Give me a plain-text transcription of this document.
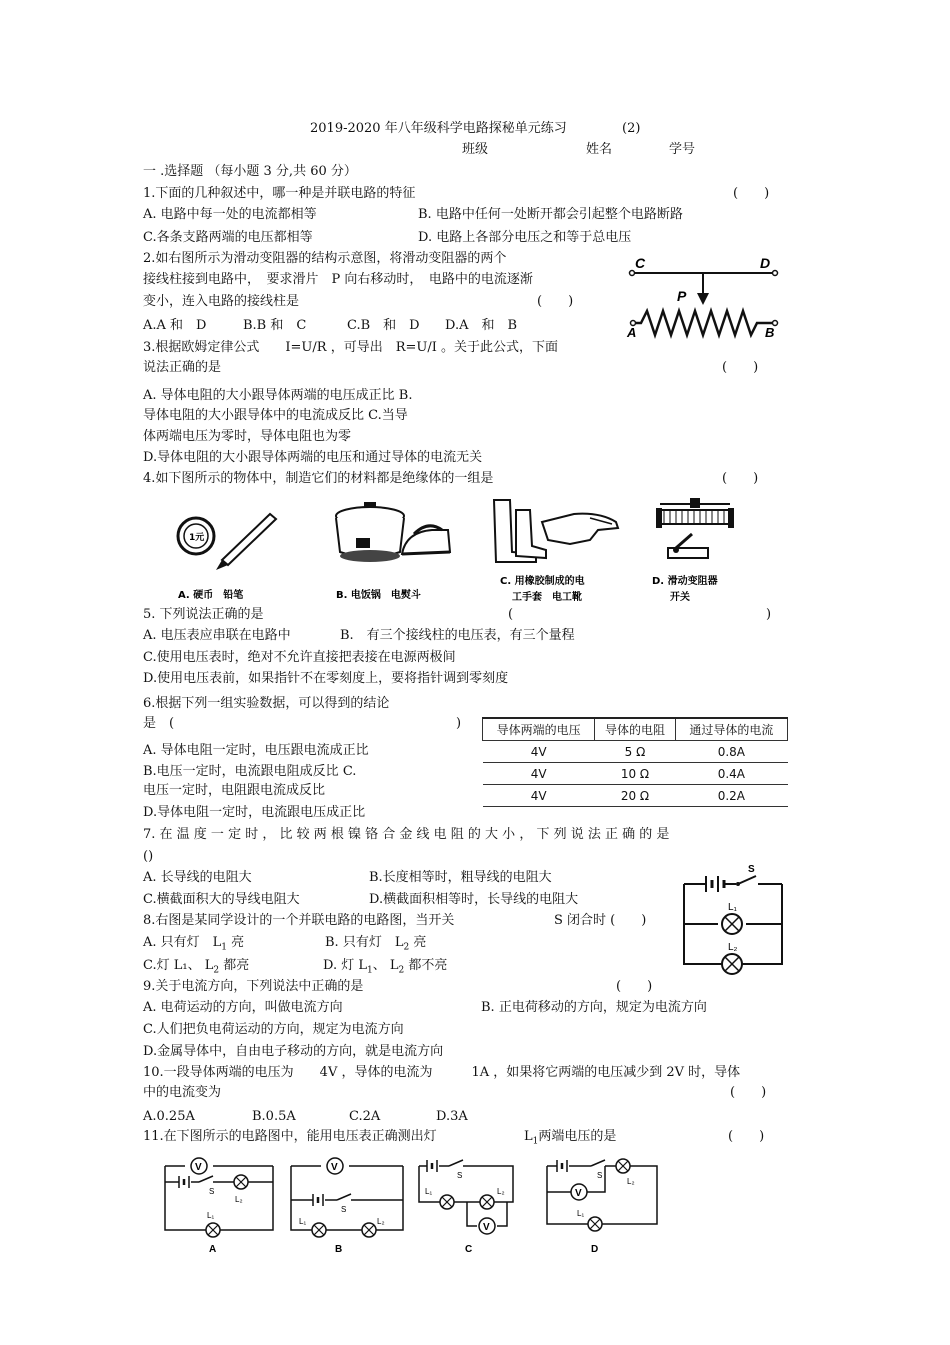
2019-2020 年八年级科学电路探秘单元练习	(2)
班级	姓名	学号
一 .选择题 （每小题 3 分,共 60 分）
1.下面的几种叙述中，哪一种是并联电路的特征	(　　)
A. 电路中每一处的电流都相等	B. 电路中任何一处断开都会引起整个电路断路
C.各条支路两端的电压都相等	D. 电路上各部分电压之和等于总电压
2.如右图所示为滑动变阻器的结构示意图，将滑动变阻器的两个
接线柱接到电路中，　要求滑片　P 向右移动时，　电路中的电流逐渐
变小，连入电路的接线柱是	(　　)
A.A 和　D	B.B 和　C	C.B　和　D D.A　和　B
C	D
P
A	B
3.根据欧姆定律公式　　I=U/R ，可导出　R=U/I 。关于此公式，下面
说法正确的是	(　　)
A. 导体电阻的大小跟导体两端的电压成正比 B.
导体电阻的大小跟导体中的电流成反比 C.当导
体两端电压为零时，导体电阻也为零
D.导体电阻的大小跟导体两端的电压和通过导体的电流无关
4.如下图所示的物体中，制造它们的材料都是绝缘体的一组是	(　　)
1元
A. 硬币　铅笔	B. 电饭锅　电熨斗
C. 用橡胶制成的电
工手套　电工靴
D. 滑动变阻器
开关
5. 下列说法正确的是	(	)
A. 电压表应串联在电路中	B.　有三个接线柱的电压表，有三个量程
C.使用电压表时，绝对不允许直接把表接在电源两极间
D.使用电压表前，如果指针不在零刻度上，要将指针调到零刻度
6.根据下列一组实验数据，可以得到的结论
是　(	)
A. 导体电阻一定时，电压跟电流成正比
B.电压一定时，电流跟电阻成反比 C.
电压一定时，电阻跟电流成反比
D.导体电阻一定时，电流跟电压成正比
导体两端的电压	导体的电阻	通过导体的电流
4V	5 Ω	0.8A
4V	10 Ω	0.4A
4V	20 Ω	0.2A
7. 在 温 度 一 定 时 ， 比 较 两 根 镍 铬 合 金 线 电 阻 的 大 小 ， 下 列 说 法 正 确 的 是
()
A. 长导线的电阻大	B.长度相等时，粗导线的电阻大
C.横截面积大的导线电阻大	D.横截面积相等时，长导线的电阻大
8.右图是某同学设计的一个并联电路的电路图，当开关	S 闭合时 (　　)
A. 只有灯　$L_1$ 亮	B. 只有灯　$L_2$ 亮
C.灯 L₁、 $L_2$ 都亮	D. 灯 $L_1$、 $L_2$ 都不亮
S
L₁
L₂
9.关于电流方向，下列说法中正确的是	(　　)
A. 电荷运动的方向，叫做电流方向	B. 正电荷移动的方向，规定为电流方向
C.人们把负电荷运动的方向，规定为电流方向
D.金属导体中，自由电子移动的方向，就是电流方向
10.一段导体两端的电压为　　4V ，导体的电流为　　　1A ，如果将它两端的电压减少到 2V 时，导体
中的电流变为	(　　)
A.0.25A	B.0.5A	C.2A	D.3A
11.在下图所示的电路图中，能用电压表正确测出灯	$L_1$两端电压的是	(　　)
V
S
L₂
L₁
A
V
S
L₁	L₂
B
S
L₁	L₂
V
C
S
L₂
V
L₁
D
